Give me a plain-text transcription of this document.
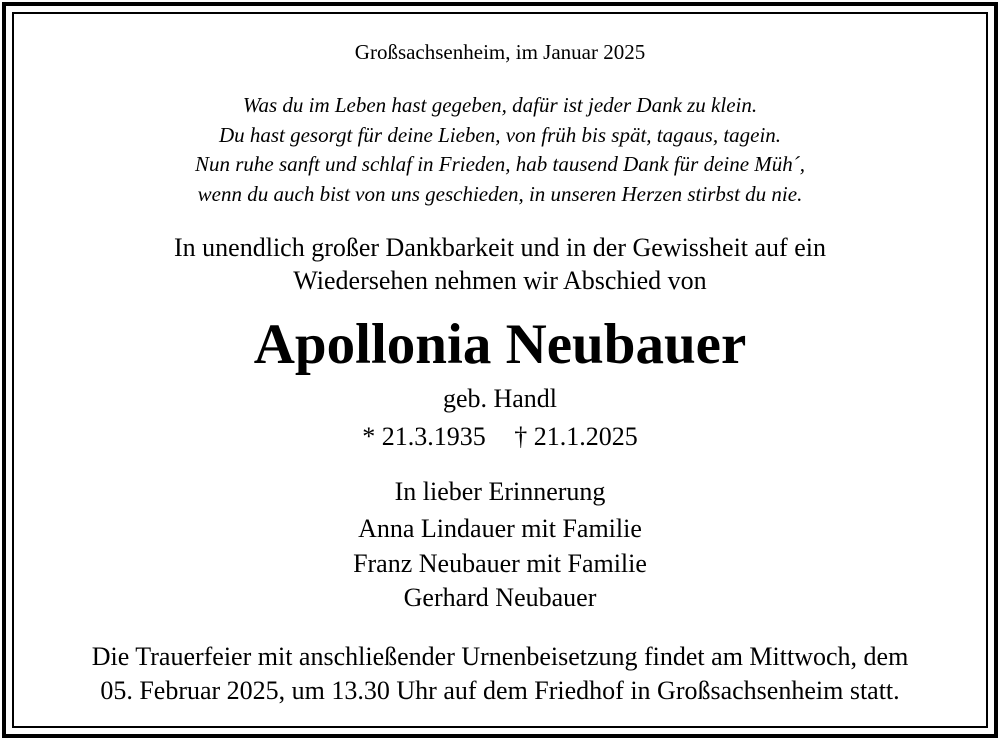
Großsachsenheim, im Januar 2025
Was du im Leben hast gegeben, dafür ist jeder Dank zu klein.
Du hast gesorgt für deine Lieben, von früh bis spät, tagaus, tagein.
Nun ruhe sanft und schlaf in Frieden, hab tausend Dank für deine Müh´,
wenn du auch bist von uns geschieden, in unseren Herzen stirbst du nie.
In unendlich großer Dankbarkeit und in der Gewissheit auf ein
Wiedersehen nehmen wir Abschied von
Apollonia Neubauer
geb. Handl
* 21.3.1935 † 21.1.2025
In lieber Erinnerung
Anna Lindauer mit Familie
Franz Neubauer mit Familie
Gerhard Neubauer
Die Trauerfeier mit anschließender Urnenbeisetzung findet am Mittwoch, dem
05. Februar 2025, um 13.30 Uhr auf dem Friedhof in Großsachsenheim statt.
